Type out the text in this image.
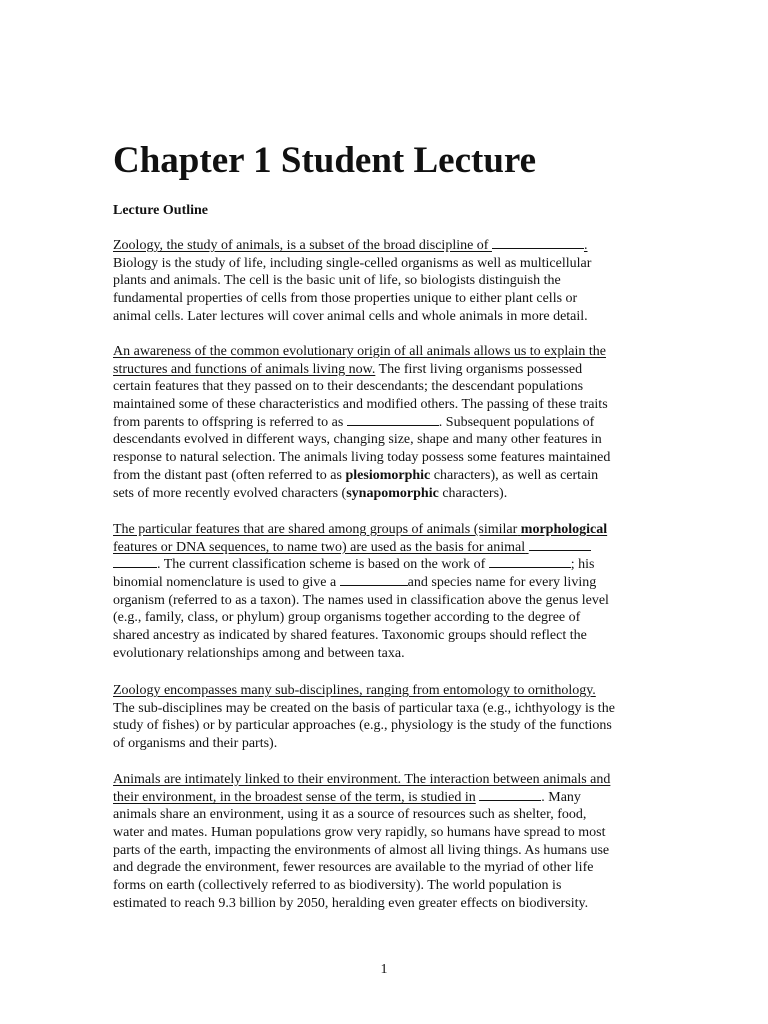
Chapter 1 Student Lecture

Lecture Outline

Zoology, the study of animals, is a subset of the broad discipline of	.
Biology is the study of life, including single-celled organisms as well as multicellular
plants and animals. The cell is the basic unit of life, so biologists distinguish the
fundamental properties of cells from those properties unique to either plant cells or
animal cells. Later lectures will cover animal cells and whole animals in more detail.
An awareness of the common evolutionary origin of all animals allows us to explain the
structures and functions of animals living now. The first living organisms possessed
certain features that they passed on to their descendants; the descendant populations
maintained some of these characteristics and modified others. The passing of these traits
from parents to offspring is referred to as	. Subsequent populations of
descendants evolved in different ways, changing size, shape and many other features in
response to natural selection. The animals living today possess some features maintained
from the distant past (often referred to as plesiomorphic characters), as well as certain
sets of more recently evolved characters (synapomorphic characters).
The particular features that are shared among groups of animals (similar morphological
features or DNA sequences, to name two) are used as the basis for animal
. The current classification scheme is based on the work of	; his
binomial nomenclature is used to give a	and species name for every living
organism (referred to as a taxon). The names used in classification above the genus level
(e.g., family, class, or phylum) group organisms together according to the degree of
shared ancestry as indicated by shared features. Taxonomic groups should reflect the
evolutionary relationships among and between taxa.
Zoology encompasses many sub-disciplines, ranging from entomology to ornithology.
The sub-disciplines may be created on the basis of particular taxa (e.g., ichthyology is the
study of fishes) or by particular approaches (e.g., physiology is the study of the functions
of organisms and their parts).
Animals are intimately linked to their environment. The interaction between animals and
their environment, in the broadest sense of the term, is studied in	. Many
animals share an environment, using it as a source of resources such as shelter, food,
water and mates. Human populations grow very rapidly, so humans have spread to most
parts of the earth, impacting the environments of almost all living things. As humans use
and degrade the environment, fewer resources are available to the myriad of other life
forms on earth (collectively referred to as biodiversity). The world population is
estimated to reach 9.3 billion by 2050, heralding even greater effects on biodiversity.
1
